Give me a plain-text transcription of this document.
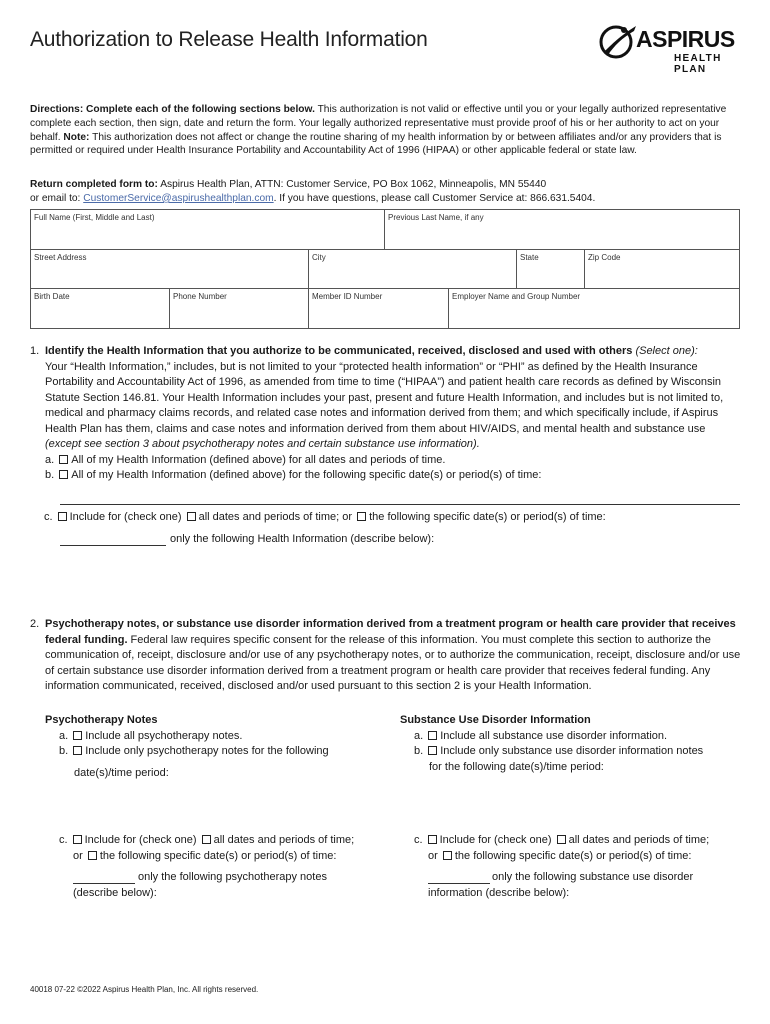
Authorization to Release Health Information	ASPIRUS
HEALTH PLAN
Directions: Complete each of the following sections below. This authorization is not valid or effective until you or your legally authorized representative complete each section, then sign, date and return the form. Your legally authorized representative must provide proof of his or her authority to act on your behalf. Note: This authorization does not affect or change the routine sharing of my health information by or between affiliates and/or any providers that is permitted or required under Health Insurance Portability and Accountability Act of 1996 (HIPAA) or other applicable federal or state law.
Return completed form to: Aspirus Health Plan, ATTN: Customer Service, PO Box 1062, Minneapolis, MN 55440
or email to: CustomerService@aspirushealthplan.com. If you have questions, please call Customer Service at: 866.631.5404.
Full Name (First, Middle and Last)	Previous Last Name, if any
Street Address	City	State	Zip Code
Birth Date	Phone Number	Member ID Number	Employer Name and Group Number
1. Identify the Health Information that you authorize to be communicated, received, disclosed and used with others (Select one):
Your “Health Information,” includes, but is not limited to your “protected health information” or “PHI” as defined by the Health Insurance Portability and Accountability Act of 1996, as amended from time to time (“HIPAA”) and patient health care records as defined by Wisconsin Statute Section 146.81. Your Health Information includes your past, present and future Health Information, and includes but is not limited to, medical and pharmacy claims records, and related case notes and information derived from them; and which specifically include, if Aspirus Health Plan has them, claims and case notes and information derived from them about HIV/AIDS, and mental health and substance use (except see section 3 about psychotherapy notes and certain substance use information).
a. All of my Health Information (defined above) for all dates and periods of time.
b. All of my Health Information (defined above) for the following specific date(s) or period(s) of time:
c. Include for (check one) all dates and periods of time; or the following specific date(s) or period(s) of time:
only the following Health Information (describe below):
2. Psychotherapy notes, or substance use disorder information derived from a treatment program or health care provider that receives federal funding. Federal law requires specific consent for the release of this information. You must complete this section to authorize the communication of, receipt, disclosure and/or use of any psychotherapy notes, or to authorize the communication, receipt, disclosure and/or use of certain substance use disorder information derived from a treatment program or health care provider that receives federal funding. Any information communicated, received, disclosed and/or used pursuant to this section 2 is your Health Information.
Psychotherapy Notes
a. Include all psychotherapy notes.
b. Include only psychotherapy notes for the following
date(s)/time period:
c. Include for (check one) all dates and periods of time;
or the following specific date(s) or period(s) of time:
only the following psychotherapy notes
(describe below):
Substance Use Disorder Information
a. Include all substance use disorder information.
b. Include only substance use disorder information notes
for the following date(s)/time period:
c. Include for (check one) all dates and periods of time;
or the following specific date(s) or period(s) of time:
only the following substance use disorder
information (describe below):
40018 07-22 ©2022 Aspirus Health Plan, Inc. All rights reserved.
